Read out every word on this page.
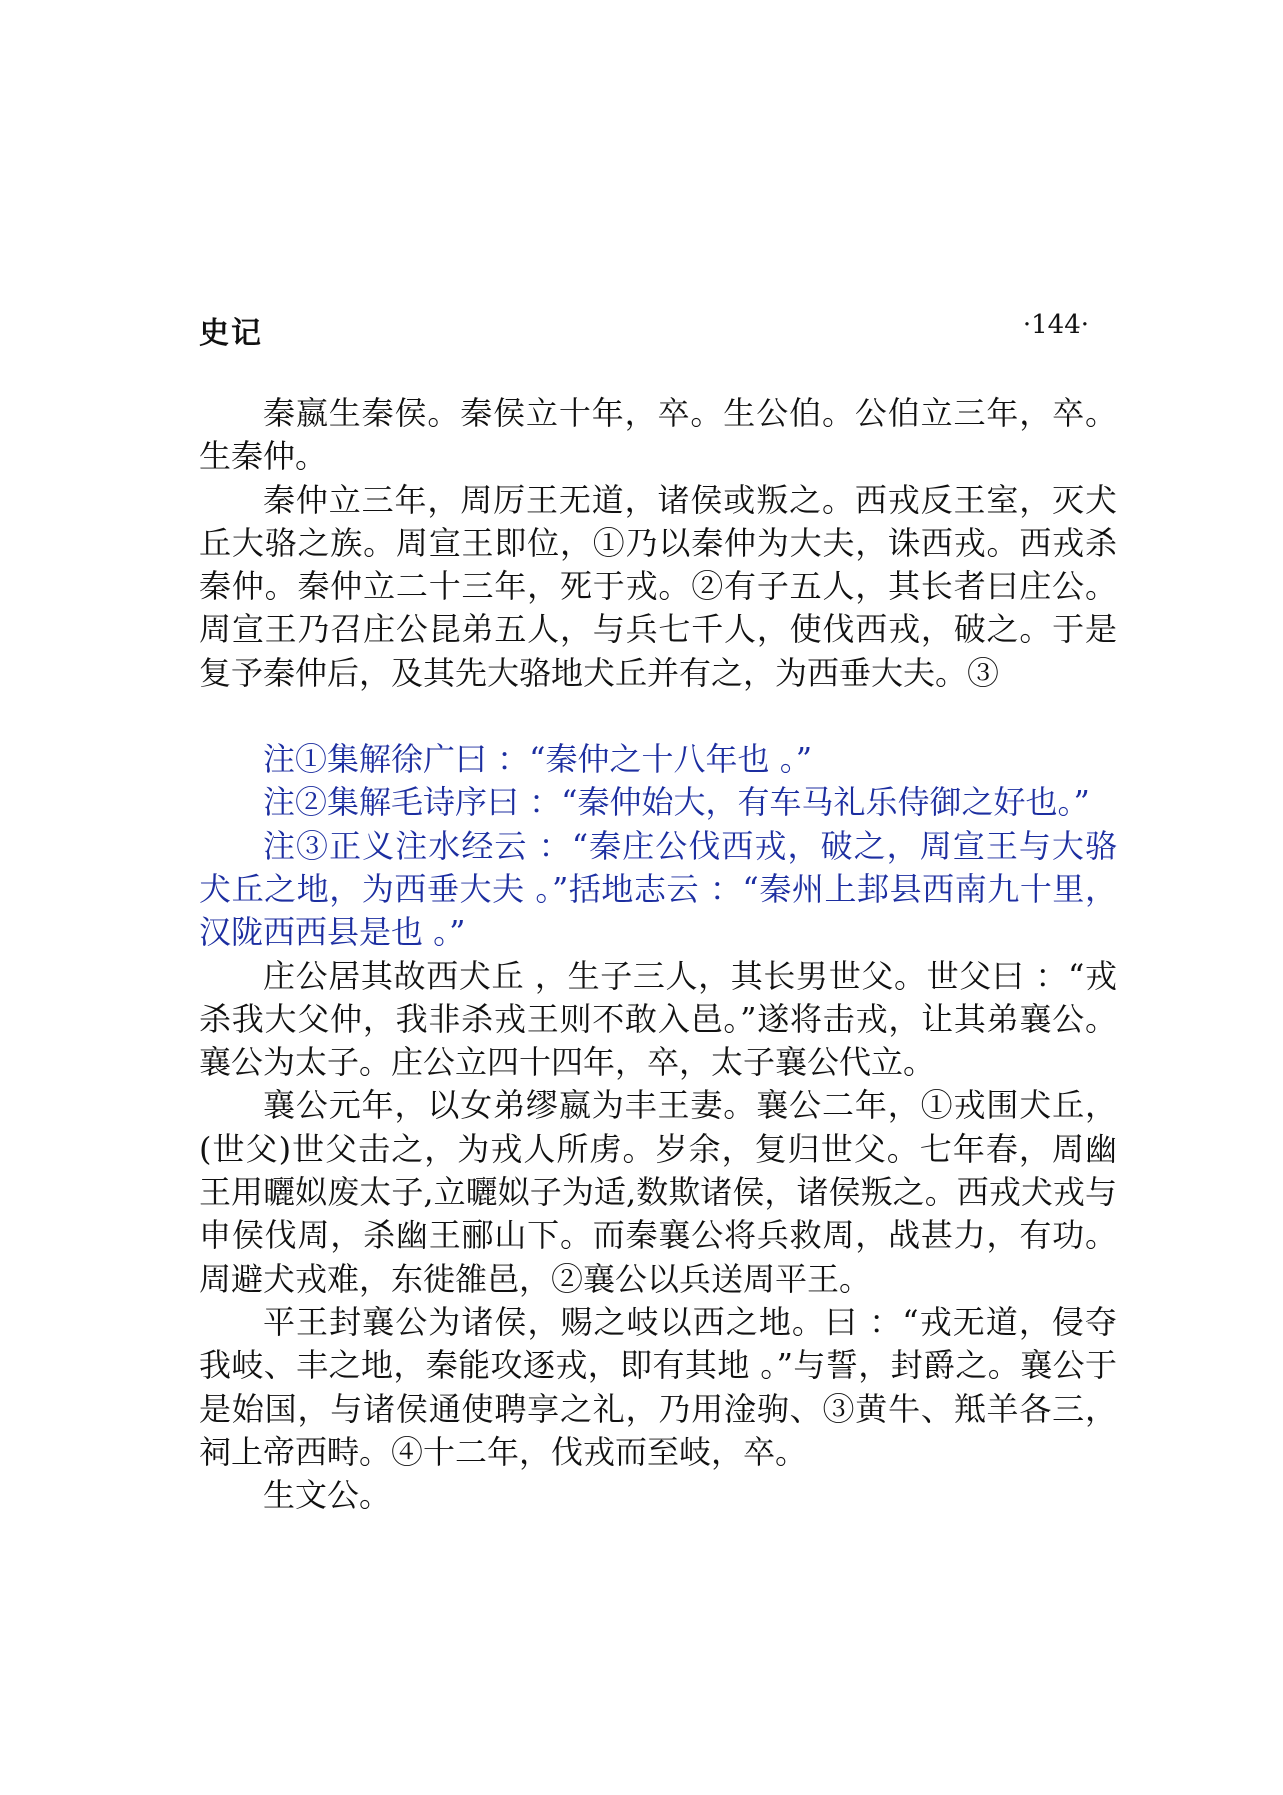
史记	·144·

秦嬴生秦侯。秦侯立十年，卒。生公伯。公伯立三年，卒。生秦仲。

秦仲立三年，周厉王无道，诸侯或叛之。西戎反王室，灭犬丘大骆之族。周宣王即位，①乃以秦仲为大夫，诛西戎。西戎杀秦仲。秦仲立二十三年，死于戎。②有子五人，其长者曰庄公。周宣王乃召庄公昆弟五人，与兵七千人，使伐西戎，破之。于是复予秦仲后，及其先大骆地犬丘并有之，为西垂大夫。③

注①集解徐广曰 ：“秦仲之十八年也 。”

注②集解毛诗序曰 ：“秦仲始大，有车马礼乐侍御之好也。”

注③正义注水经云 ：“秦庄公伐西戎，破之，周宣王与大骆犬丘之地，为西垂大夫 。”括地志云 ：“秦州上邽县西南九十里，汉陇西西县是也 。”

庄公居其故西犬丘 ，生子三人，其长男世父。世父曰 ：“戎杀我大父仲，我非杀戎王则不敢入邑。”遂将击戎，让其弟襄公。襄公为太子。庄公立四十四年，卒，太子襄公代立。

襄公元年，以女弟缪嬴为丰王妻。襄公二年，①戎围犬丘，(世父)世父击之，为戎人所虏。岁余，复归世父。七年春，周幽王用曬姒废太子,立曬姒子为适,数欺诸侯，诸侯叛之。西戎犬戎与申侯伐周，杀幽王郦山下。而秦襄公将兵救周，战甚力，有功。周避犬戎难，东徙雒邑，②襄公以兵送周平王。

平王封襄公为诸侯，赐之岐以西之地。曰 ：“戎无道，侵夺我岐、丰之地，秦能攻逐戎，即有其地 。”与誓，封爵之。襄公于是始国，与诸侯通使聘享之礼，乃用淦驹、③黄牛、羝羊各三，祠上帝西畤。④十二年，伐戎而至岐，卒。

生文公。
